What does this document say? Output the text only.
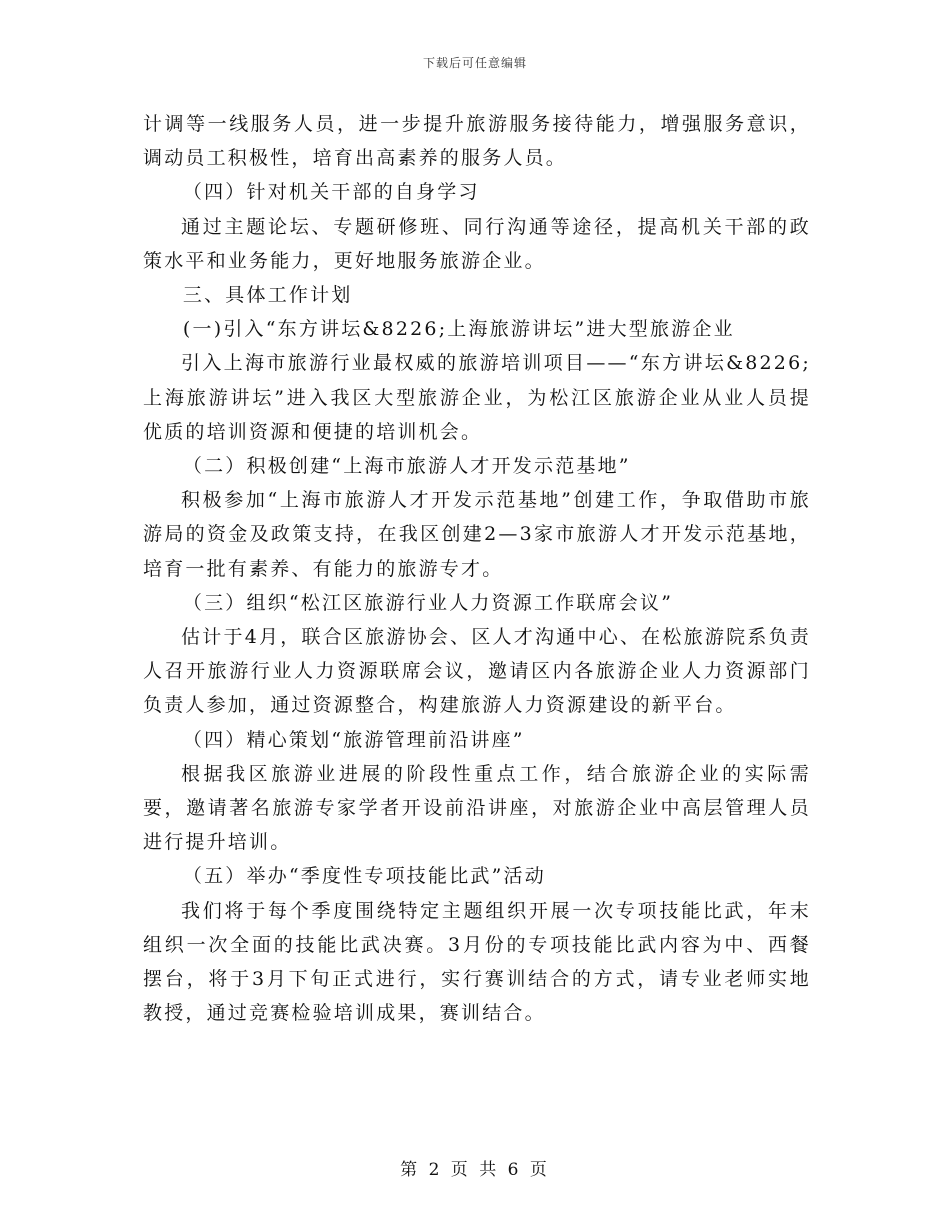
下载后可任意编辑

计调等一线服务人员，进一步提升旅游服务接待能力，增强服务意识，调动员工积极性，培育出高素养的服务人员。

（四）针对机关干部的自身学习

通过主题论坛、专题研修班、同行沟通等途径，提高机关干部的政策水平和业务能力，更好地服务旅游企业。

三、具体工作计划

(一)引入“东方讲坛&8226;上海旅游讲坛”进大型旅游企业

引入上海市旅游行业最权威的旅游培训项目——“东方讲坛&8226;上海旅游讲坛”进入我区大型旅游企业，为松江区旅游企业从业人员提优质的培训资源和便捷的培训机会。

（二）积极创建“上海市旅游人才开发示范基地”

积极参加“上海市旅游人才开发示范基地”创建工作，争取借助市旅游局的资金及政策支持，在我区创建2—3家市旅游人才开发示范基地，培育一批有素养、有能力的旅游专才。

（三）组织“松江区旅游行业人力资源工作联席会议”

估计于4月，联合区旅游协会、区人才沟通中心、在松旅游院系负责人召开旅游行业人力资源联席会议，邀请区内各旅游企业人力资源部门负责人参加，通过资源整合，构建旅游人力资源建设的新平台。

（四）精心策划“旅游管理前沿讲座”

根据我区旅游业进展的阶段性重点工作，结合旅游企业的实际需要，邀请著名旅游专家学者开设前沿讲座，对旅游企业中高层管理人员进行提升培训。

（五）举办“季度性专项技能比武”活动

我们将于每个季度围绕特定主题组织开展一次专项技能比武，年末组织一次全面的技能比武决赛。3月份的专项技能比武内容为中、西餐摆台，将于3月下旬正式进行，实行赛训结合的方式，请专业老师实地教授，通过竞赛检验培训成果，赛训结合。

第 2 页 共 6 页
